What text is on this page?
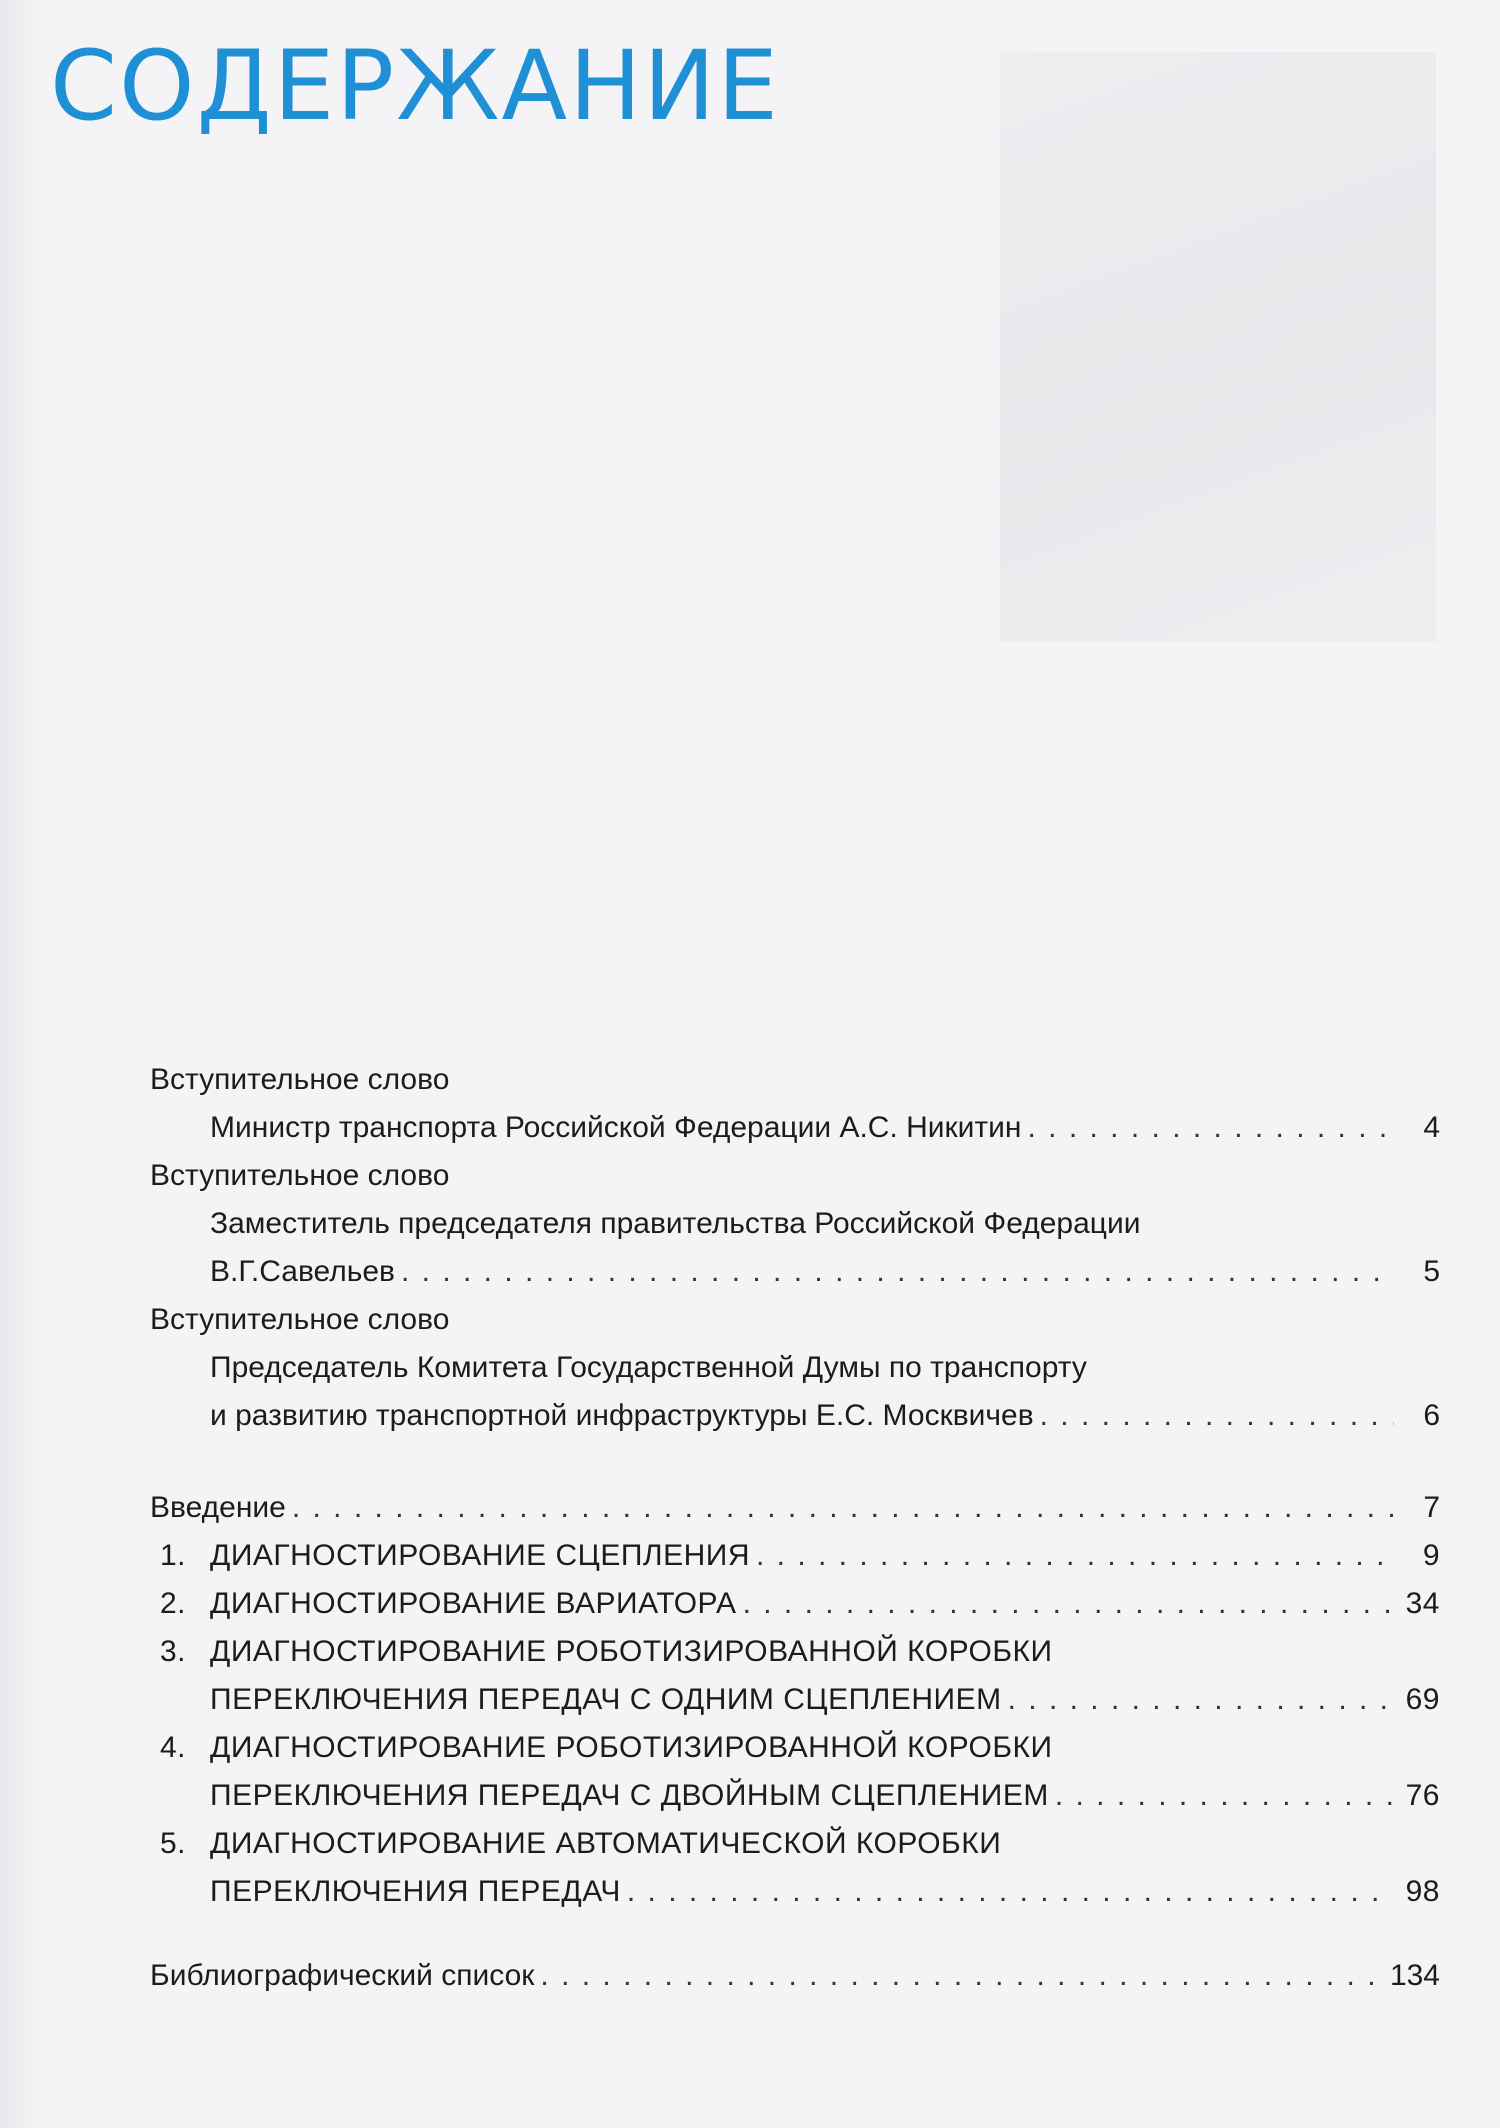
СОДЕРЖАНИЕ
Вступительное слово
Министр транспорта Российской Федерации А.С. Никитин . . .	4
Вступительное слово
Заместитель председателя правительства Российской Федерации
В.Г.Савельев . . .	5
Вступительное слово
Председатель Комитета Государственной Думы по транспорту
и развитию транспортной инфраструктуры Е.С. Москвичев . . .	6
Введение . . .	7
1. ДИАГНОСТИРОВАНИЕ СЦЕПЛЕНИЯ . . .	9
2. ДИАГНОСТИРОВАНИЕ ВАРИАТОРА . . .	34
3. ДИАГНОСТИРОВАНИЕ РОБОТИЗИРОВАННОЙ КОРОБКИ
ПЕРЕКЛЮЧЕНИЯ ПЕРЕДАЧ С ОДНИМ СЦЕПЛЕНИЕМ . . .	69
4. ДИАГНОСТИРОВАНИЕ РОБОТИЗИРОВАННОЙ КОРОБКИ
ПЕРЕКЛЮЧЕНИЯ ПЕРЕДАЧ С ДВОЙНЫМ СЦЕПЛЕНИЕМ . . .	76
5. ДИАГНОСТИРОВАНИЕ АВТОМАТИЧЕСКОЙ КОРОБКИ
ПЕРЕКЛЮЧЕНИЯ ПЕРЕДАЧ . . .	98
Библиографический список . . .	134
